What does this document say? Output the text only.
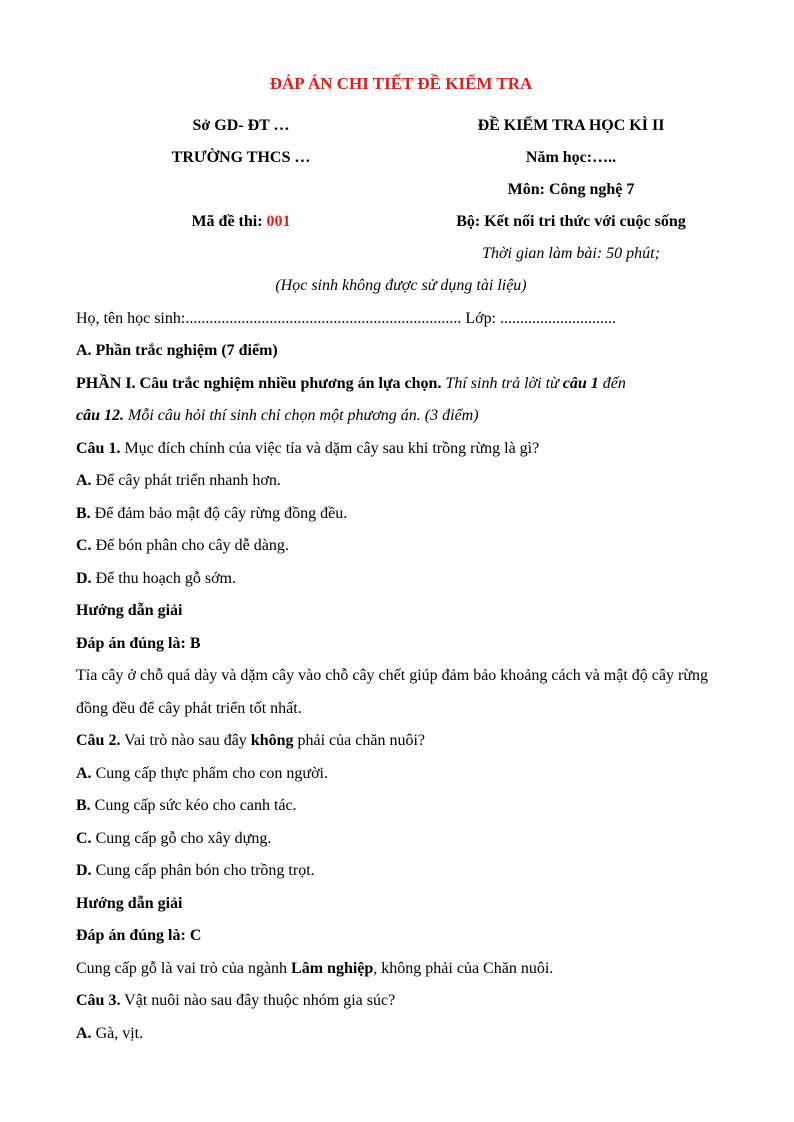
ĐÁP ÁN CHI TIẾT ĐỀ KIỂM TRA
Sở GD- ĐT …	ĐỀ KIỂM TRA HỌC KÌ II
TRƯỜNG THCS …	Năm học:…..
Môn: Công nghệ 7
Mã đề thi: 001	Bộ: Kết nối tri thức với cuộc sống
Thời gian làm bài: 50 phút;
(Học sinh không được sử dụng tài liệu)
Họ, tên học sinh:..................................................................... Lớp: .............................
A. Phần trắc nghiệm (7 điểm)
PHẦN I. Câu trắc nghiệm nhiều phương án lựa chọn. Thí sinh trả lời từ câu 1 đến
câu 12. Mỗi câu hỏi thí sinh chỉ chọn một phương án. (3 điểm)
Câu 1. Mục đích chính của việc tỉa và dặm cây sau khi trồng rừng là gì?
A. Để cây phát triển nhanh hơn.
B. Để đảm bảo mật độ cây rừng đồng đều.
C. Để bón phân cho cây dễ dàng.
D. Để thu hoạch gỗ sớm.
Hướng dẫn giải
Đáp án đúng là: B
Tỉa cây ở chỗ quá dày và dặm cây vào chỗ cây chết giúp đảm bảo khoảng cách và mật độ cây rừng đồng đều để cây phát triển tốt nhất.
Câu 2. Vai trò nào sau đây không phải của chăn nuôi?
A. Cung cấp thực phẩm cho con người.
B. Cung cấp sức kéo cho canh tác.
C. Cung cấp gỗ cho xây dựng.
D. Cung cấp phân bón cho trồng trọt.
Hướng dẫn giải
Đáp án đúng là: C
Cung cấp gỗ là vai trò của ngành Lâm nghiệp, không phải của Chăn nuôi.
Câu 3. Vật nuôi nào sau đây thuộc nhóm gia súc?
A. Gà, vịt.
